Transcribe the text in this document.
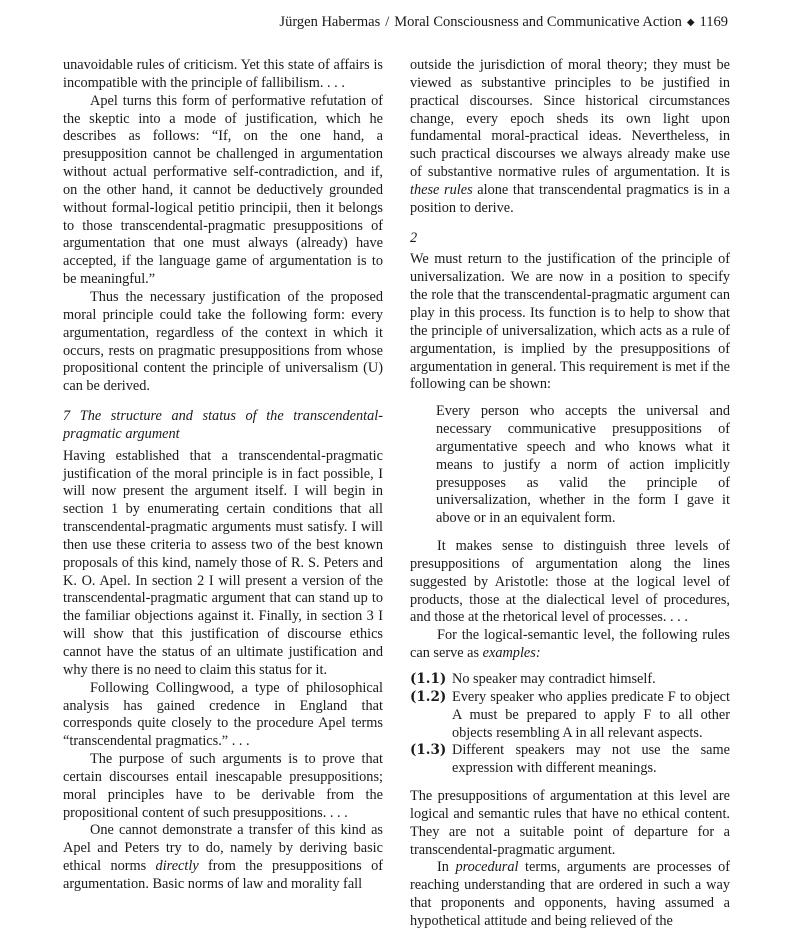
Jürgen Habermas / Moral Consciousness and Communicative Action ◆ 1169

unavoidable rules of criticism. Yet this state of affairs is incompatible with the principle of fallibilism. . . .

Apel turns this form of performative refutation of the skeptic into a mode of justification, which he describes as follows: “If, on the one hand, a presupposition cannot be challenged in argumentation without actual performative self-contradiction, and if, on the other hand, it cannot be deductively grounded without formal-logical petitio principii, then it belongs to those transcendental-pragmatic presuppositions of argumentation that one must always (already) have accepted, if the language game of argumentation is to be meaningful.”

Thus the necessary justification of the proposed moral principle could take the following form: every argumentation, regardless of the context in which it occurs, rests on pragmatic presuppositions from whose propositional content the principle of universalism (U) can be derived.

7 The structure and status of the transcendental-pragmatic argument

Having established that a transcendental-pragmatic justification of the moral principle is in fact possible, I will now present the argument itself. I will begin in section 1 by enumerating certain conditions that all transcendental-pragmatic arguments must satisfy. I will then use these criteria to assess two of the best known proposals of this kind, namely those of R. S. Peters and K. O. Apel. In section 2 I will present a version of the transcendental-pragmatic argument that can stand up to the familiar objections against it. Finally, in section 3 I will show that this justification of discourse ethics cannot have the status of an ultimate justification and why there is no need to claim this status for it.

Following Collingwood, a type of philosophical analysis has gained credence in England that corresponds quite closely to the procedure Apel terms “transcendental pragmatics.” . . .

The purpose of such arguments is to prove that certain discourses entail inescapable presuppositions; moral principles have to be derivable from the propositional content of such presuppositions. . . .

One cannot demonstrate a transfer of this kind as Apel and Peters try to do, namely by deriving basic ethical norms directly from the presuppositions of argumentation. Basic norms of law and morality fall

outside the jurisdiction of moral theory; they must be viewed as substantive principles to be justified in practical discourses. Since historical circumstances change, every epoch sheds its own light upon fundamental moral-practical ideas. Nevertheless, in such practical discourses we always already make use of substantive normative rules of argumentation. It is these rules alone that transcendental pragmatics is in a position to derive.

2

We must return to the justification of the principle of universalization. We are now in a position to specify the role that the transcendental-pragmatic argument can play in this process. Its function is to help to show that the principle of universalization, which acts as a rule of argumentation, is implied by the presuppositions of argumentation in general. This requirement is met if the following can be shown:

Every person who accepts the universal and necessary communicative presuppositions of argumentative speech and who knows what it means to justify a norm of action implicitly presupposes as valid the principle of universalization, whether in the form I gave it above or in an equivalent form.

It makes sense to distinguish three levels of presuppositions of argumentation along the lines suggested by Aristotle: those at the logical level of products, those at the dialectical level of procedures, and those at the rhetorical level of processes. . . .

For the logical-semantic level, the following rules can serve as examples:

(1.1) No speaker may contradict himself.
(1.2) Every speaker who applies predicate F to object A must be prepared to apply F to all other objects resembling A in all relevant aspects.
(1.3) Different speakers may not use the same expression with different meanings.

The presuppositions of argumentation at this level are logical and semantic rules that have no ethical content. They are not a suitable point of departure for a transcendental-pragmatic argument.

In procedural terms, arguments are processes of reaching understanding that are ordered in such a way that proponents and opponents, having assumed a hypothetical attitude and being relieved of the
